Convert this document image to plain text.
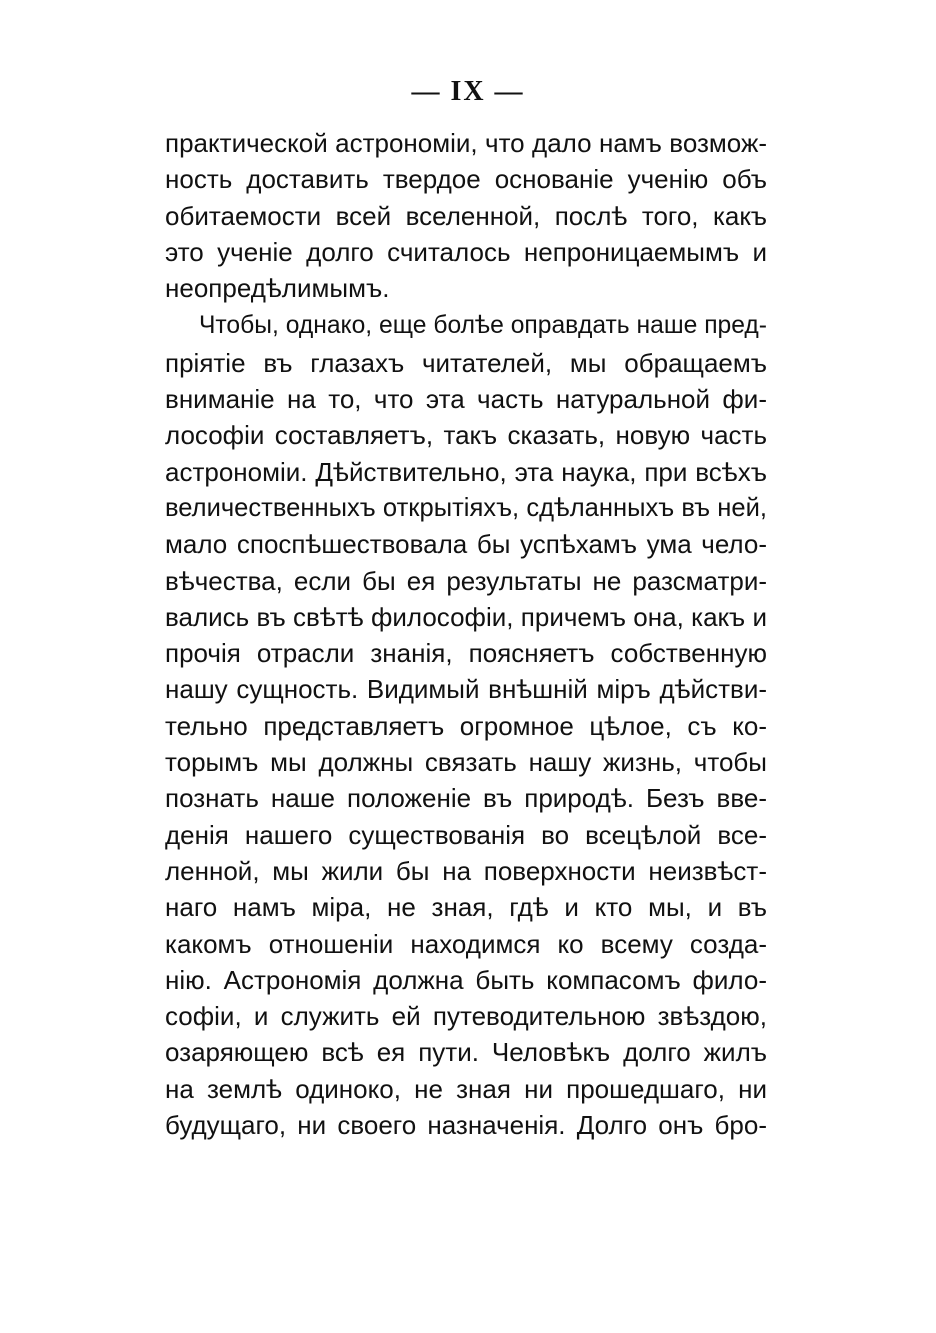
— IX —
практической астрономіи, что дало намъ возмож-
ность доставить твердое основаніе ученію объ
обитаемости всей вселенной, послѣ того, какъ
это ученіе долго считалось непроницаемымъ и
неопредѣлимымъ.
Чтобы, однако, еще болѣе оправдать наше пред-
пріятіе въ глазахъ читателей, мы обращаемъ
вниманіе на то, что эта часть натуральной фи-
лософіи составляетъ, такъ сказать, новую часть
астрономіи. Дѣйствительно, эта наука, при всѣхъ
величественныхъ открытіяхъ, сдѣланныхъ въ ней,
мало споспѣшествовала бы успѣхамъ ума чело-
вѣчества, если бы ея результаты не разсматри-
вались въ свѣтѣ философіи, причемъ она, какъ и
прочія отрасли знанія, поясняетъ собственную
нашу сущность. Видимый внѣшній міръ дѣйстви-
тельно представляетъ огромное цѣлое, съ ко-
торымъ мы должны связать нашу жизнь, чтобы
познать наше положеніе въ природѣ. Безъ вве-
денія нашего существованія во всецѣлой все-
ленной, мы жили бы на поверхности неизвѣст-
наго намъ міра, не зная, гдѣ и кто мы, и въ
какомъ отношеніи находимся ко всему созда-
нію. Астрономія должна быть компасомъ фило-
софіи, и служить ей путеводительною звѣздою,
озаряющею всѣ ея пути. Человѣкъ долго жилъ
на землѣ одиноко, не зная ни прошедшаго, ни
будущаго, ни своего назначенія. Долго онъ бро-
